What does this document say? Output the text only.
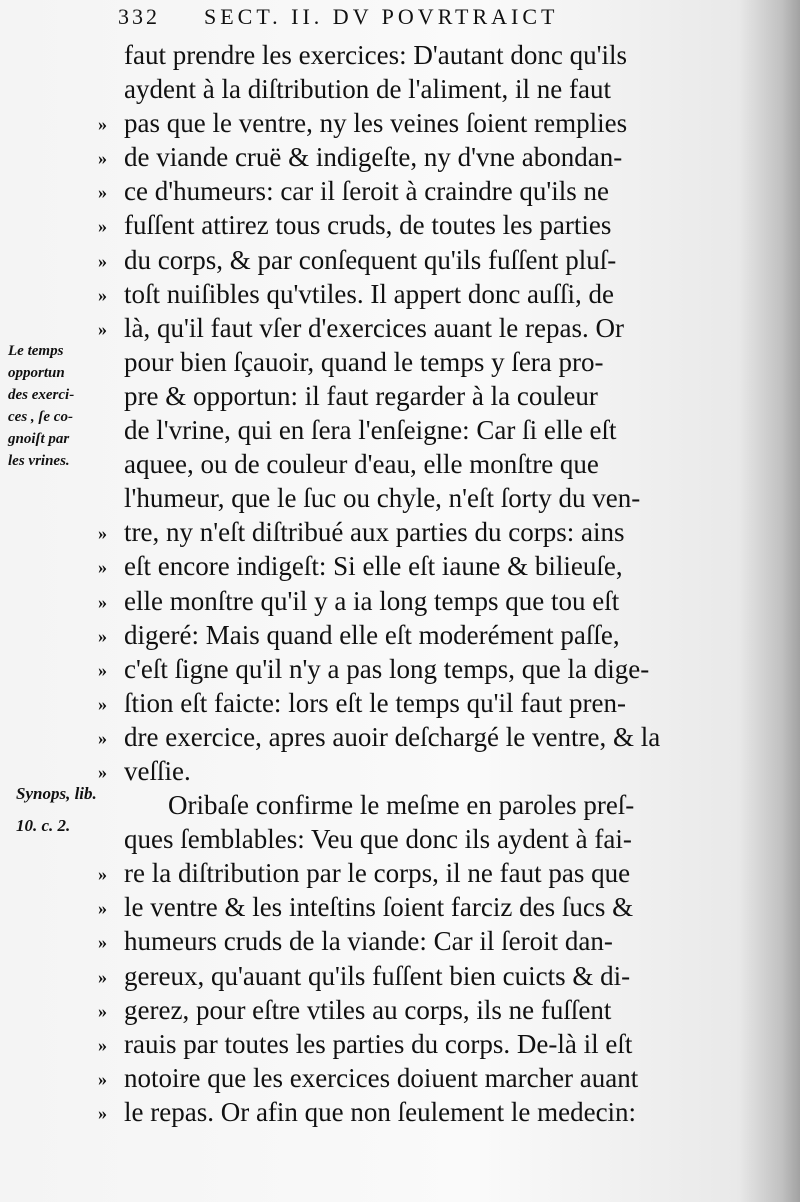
332 SECT. II. DV POVRTRAICT
Le temps
opportun
des exerci-
ces , ſe co-
gnoiſt par
les vrines.
Synops, lib.
10. c. 2.
faut prendre les exercices: D'autant donc qu'ils
aydent à la diſtribution de l'aliment, il ne faut
» pas que le ventre, ny les veines ſoient remplies
» de viande cruë & indigeſte, ny d'vne abondan-
» ce d'humeurs: car il ſeroit à craindre qu'ils ne
» fuſſent attirez tous cruds, de toutes les parties
» du corps, & par conſequent qu'ils fuſſent pluſ-
» toſt nuiſibles qu'vtiles. Il appert donc auſſi, de
» là, qu'il faut vſer d'exercices auant le repas. Or
pour bien ſçauoir, quand le temps y ſera pro-
pre & opportun: il faut regarder à la couleur
de l'vrine, qui en ſera l'enſeigne: Car ſi elle eſt
aquee, ou de couleur d'eau, elle monſtre que
l'humeur, que le ſuc ou chyle, n'eſt ſorty du ven-
» tre, ny n'eſt diſtribué aux parties du corps: ains
» eſt encore indigeſt: Si elle eſt iaune & bilieuſe,
» elle monſtre qu'il y a ia long temps que tou eſt
» digeré: Mais quand elle eſt moderément paſſe,
» c'eſt ſigne qu'il n'y a pas long temps, que la dige-
» ſtion eſt faicte: lors eſt le temps qu'il faut pren-
» dre exercice, apres auoir deſchargé le ventre, & la
» veſſie.
Oribaſe confirme le meſme en paroles preſ-
ques ſemblables: Veu que donc ils aydent à fai-
» re la diſtribution par le corps, il ne faut pas que
» le ventre & les inteſtins ſoient farciz des ſucs &
» humeurs cruds de la viande: Car il ſeroit dan-
» gereux, qu'auant qu'ils fuſſent bien cuicts & di-
» gerez, pour eſtre vtiles au corps, ils ne fuſſent
» rauis par toutes les parties du corps. De-là il eſt
» notoire que les exercices doiuent marcher auant
» le repas. Or afin que non ſeulement le medecin:
